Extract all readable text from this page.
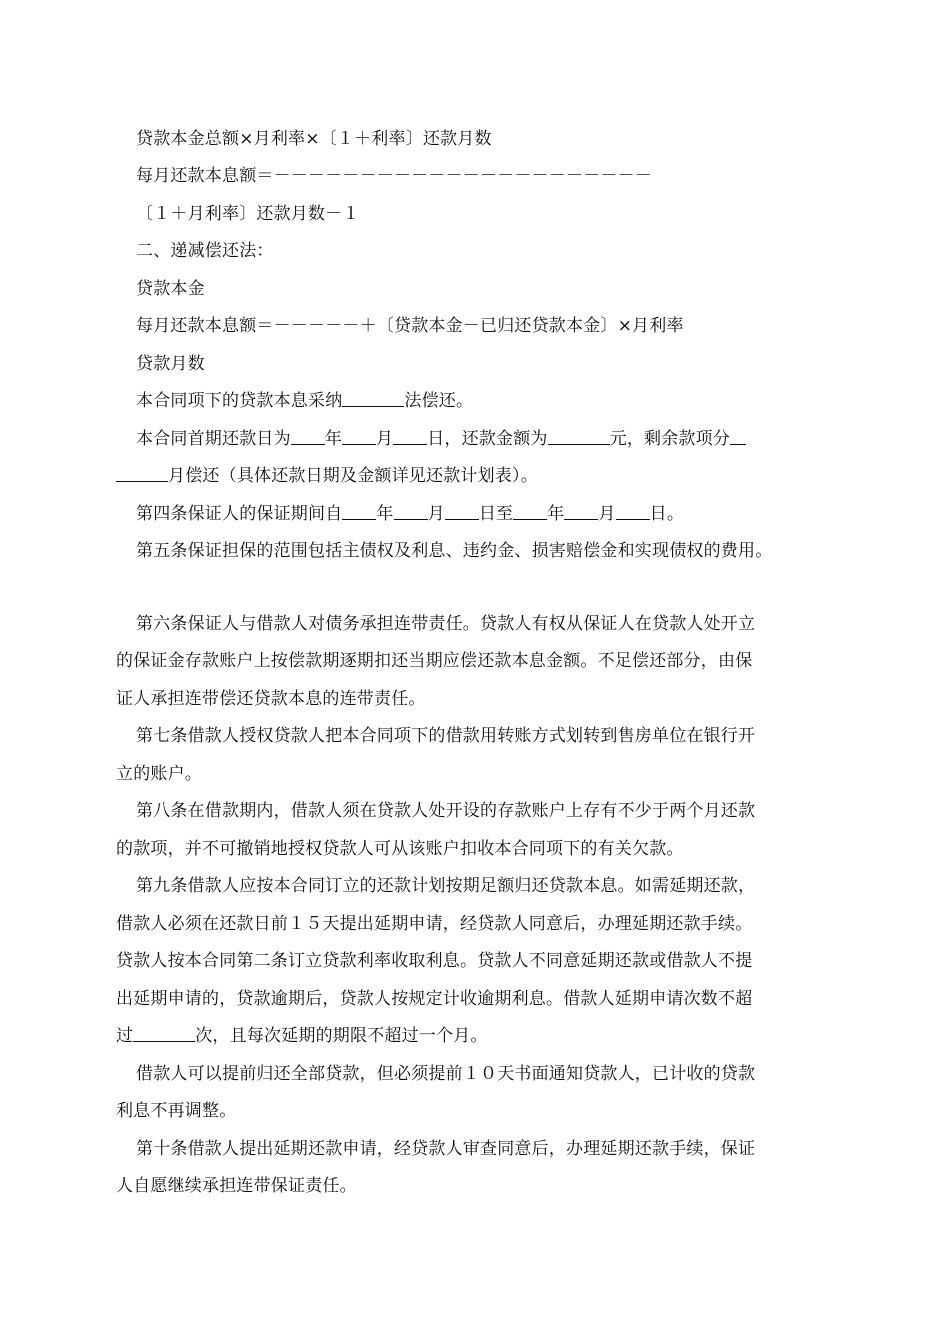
贷款本金总额×月利率×〔１＋利率〕还款月数
每月还款本息额＝－－－－－－－－－－－－－－－－－－－－－－
〔１＋月利率〕还款月数－１
二、递减偿还法：
贷款本金
每月还款本息额＝－－－－－＋〔贷款本金－已归还贷款本金〕×月利率
贷款月数
本合同项下的贷款本息采纳	法偿还。
本合同首期还款日为 年 月 日，还款金额为	元，剩余款项分
月偿还（具体还款日期及金额详见还款计划表）。
第四条保证人的保证期间自 年 月 日至 年 月 日。
第五条保证担保的范围包括主债权及利息、违约金、损害赔偿金和实现债权的费用。
第六条保证人与借款人对债务承担连带责任。贷款人有权从保证人在贷款人处开立
的保证金存款账户上按偿款期逐期扣还当期应偿还款本息金额。不足偿还部分，由保
证人承担连带偿还贷款本息的连带责任。
第七条借款人授权贷款人把本合同项下的借款用转账方式划转到售房单位在银行开
立的账户。
第八条在借款期内，借款人须在贷款人处开设的存款账户上存有不少于两个月还款
的款项，并不可撤销地授权贷款人可从该账户扣收本合同项下的有关欠款。
第九条借款人应按本合同订立的还款计划按期足额归还贷款本息。如需延期还款，
借款人必须在还款日前１５天提出延期申请，经贷款人同意后，办理延期还款手续。
贷款人按本合同第二条订立贷款利率收取利息。贷款人不同意延期还款或借款人不提
出延期申请的，贷款逾期后，贷款人按规定计收逾期利息。借款人延期申请次数不超
过	次，且每次延期的期限不超过一个月。
借款人可以提前归还全部贷款，但必须提前１０天书面通知贷款人，已计收的贷款
利息不再调整。
第十条借款人提出延期还款申请，经贷款人审查同意后，办理延期还款手续，保证
人自愿继续承担连带保证责任。
